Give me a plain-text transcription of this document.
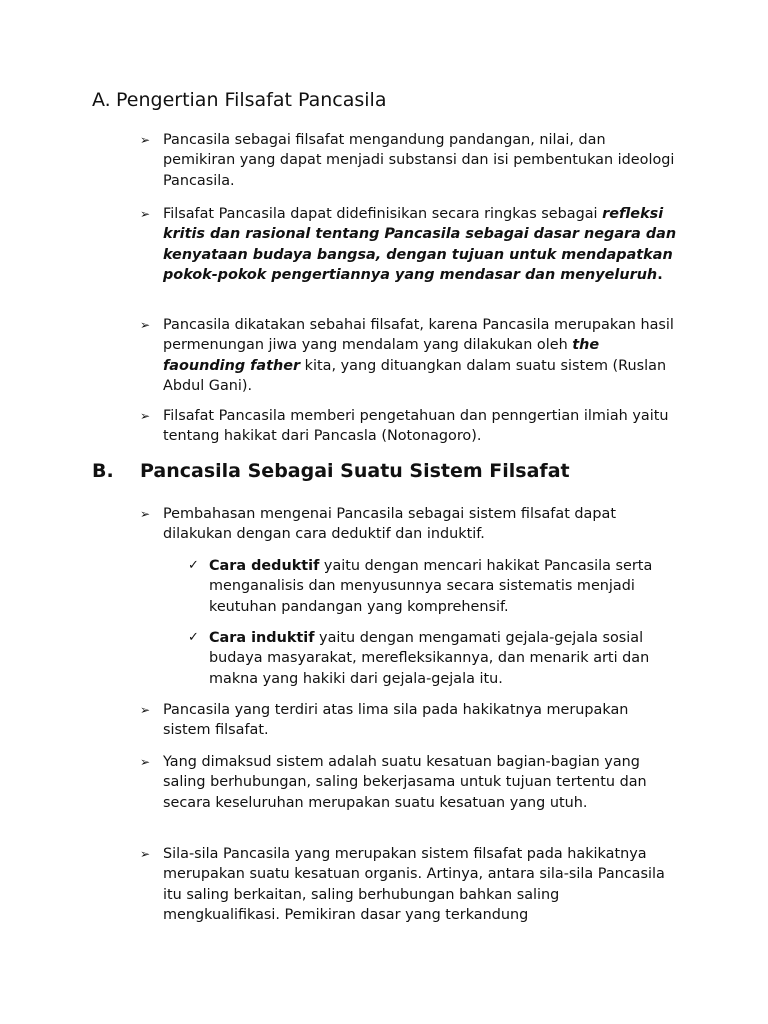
A. Pengertian Filsafat Pancasila

➢ Pancasila sebagai filsafat mengandung pandangan, nilai, dan pemikiran yang dapat menjadi substansi dan isi pembentukan ideologi Pancasila.

➢ Filsafat Pancasila dapat didefinisikan secara ringkas sebagai refleksi kritis dan rasional tentang Pancasila sebagai dasar negara dan kenyataan budaya bangsa, dengan tujuan untuk mendapatkan pokok-pokok pengertiannya yang mendasar dan menyeluruh.

➢ Pancasila dikatakan sebahai filsafat, karena Pancasila merupakan hasil permenungan jiwa yang mendalam yang dilakukan oleh the faounding father kita, yang dituangkan dalam suatu sistem (Ruslan Abdul Gani).

➢ Filsafat Pancasila memberi pengetahuan dan penngertian ilmiah yaitu tentang hakikat dari Pancasla (Notonagoro).

B. Pancasila Sebagai Suatu Sistem Filsafat

➢ Pembahasan mengenai Pancasila sebagai sistem filsafat dapat dilakukan dengan cara deduktif dan induktif.

✓ Cara deduktif yaitu dengan mencari hakikat Pancasila serta menganalisis dan menyusunnya secara sistematis menjadi keutuhan pandangan yang komprehensif.

✓ Cara induktif yaitu dengan mengamati gejala-gejala sosial budaya masyarakat, merefleksikannya, dan menarik arti dan makna yang hakiki dari gejala-gejala itu.

➢ Pancasila yang terdiri atas lima sila pada hakikatnya merupakan sistem filsafat.

➢ Yang dimaksud sistem adalah suatu kesatuan bagian-bagian yang saling berhubungan, saling bekerjasama untuk tujuan tertentu dan secara keseluruhan merupakan suatu kesatuan yang utuh.

➢ Sila-sila Pancasila yang merupakan sistem filsafat pada hakikatnya merupakan suatu kesatuan organis. Artinya, antara sila-sila Pancasila itu saling berkaitan, saling berhubungan bahkan saling mengkualifikasi. Pemikiran dasar yang terkandung
